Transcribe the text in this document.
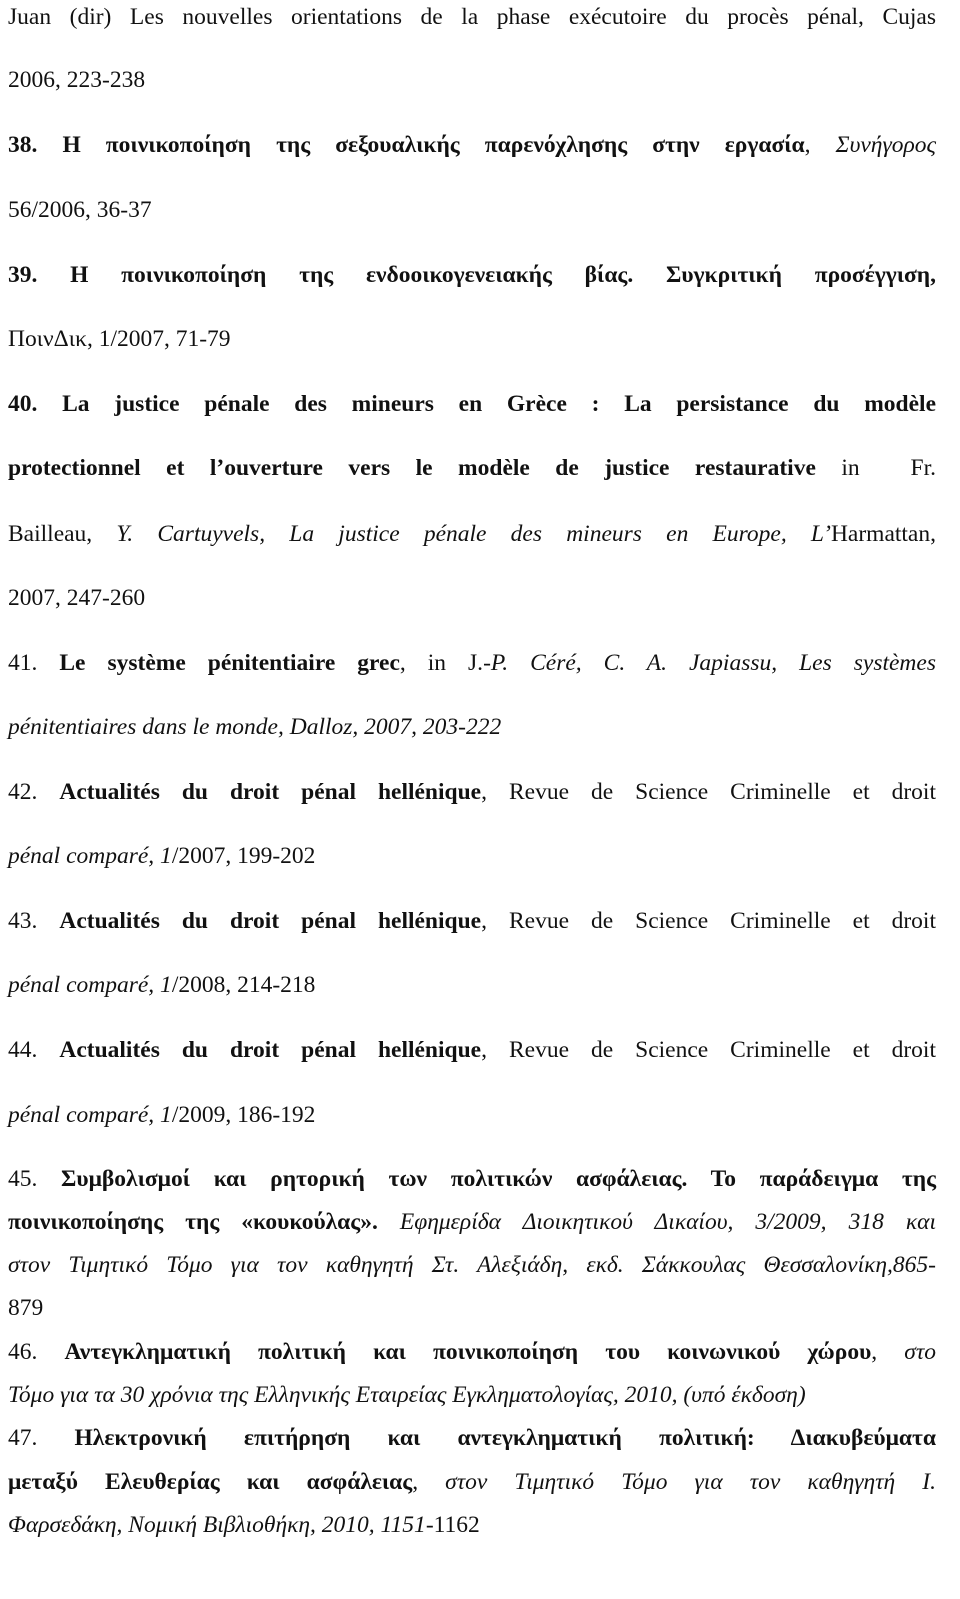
Juan (dir) Les nouvelles orientations de la phase exécutoire du procès pénal, Cujas
2006, 223-238
38. Η ποινικοποίηση της σεξουαλικής παρενόχλησης στην εργασία, Συνήγορος
56/2006, 36-37
39. Η ποινικοποίηση της ενδοοικογενειακής βίας. Συγκριτική προσέγγιση,
ΠοινΔικ, 1/2007, 71-79
40. La justice pénale des mineurs en Grèce : La persistance du modèle
protectionnel et l’ouverture vers le modèle de justice restaurative in  Fr.
Bailleau, Y. Cartuyvels, La justice pénale des mineurs en Europe, L’Harmattan,
2007, 247-260
41. Le système pénitentiaire grec, in J.-P. Céré, C. A. Japiassu, Les systèmes
pénitentiaires dans le monde, Dalloz, 2007, 203-222
42. Actualités du droit pénal hellénique, Revue de Science Criminelle et droit
pénal comparé, 1/2007, 199-202
43. Actualités du droit pénal hellénique, Revue de Science Criminelle et droit
pénal comparé, 1/2008, 214-218
44. Actualités du droit pénal hellénique, Revue de Science Criminelle et droit
pénal comparé, 1/2009, 186-192
45. Συμβολισμοί και ρητορική των πολιτικών ασφάλειας. Το παράδειγμα της
ποινικοποίησης της «κουκούλας». Εφημερίδα Διοικητικού Δικαίου, 3/2009, 318 και
στον Τιμητικό Τόμο για τον καθηγητή Στ. Αλεξιάδη, εκδ. Σάκκουλας Θεσσαλονίκη,865-
879
46. Αντεγκληματική πολιτική και ποινικοποίηση του κοινωνικού χώρου, στο
Τόμο για τα 30 χρόνια της Ελληνικής Εταιρείας Εγκληματολογίας, 2010, (υπό έκδοση)
47. Ηλεκτρονική επιτήρηση και αντεγκληματική πολιτική: Διακυβεύματα
μεταξύ Ελευθερίας και ασφάλειας, στον Τιμητικό Τόμο για τον καθηγητή Ι.
Φαρσεδάκη, Νομική Βιβλιοθήκη, 2010, 1151-1162
